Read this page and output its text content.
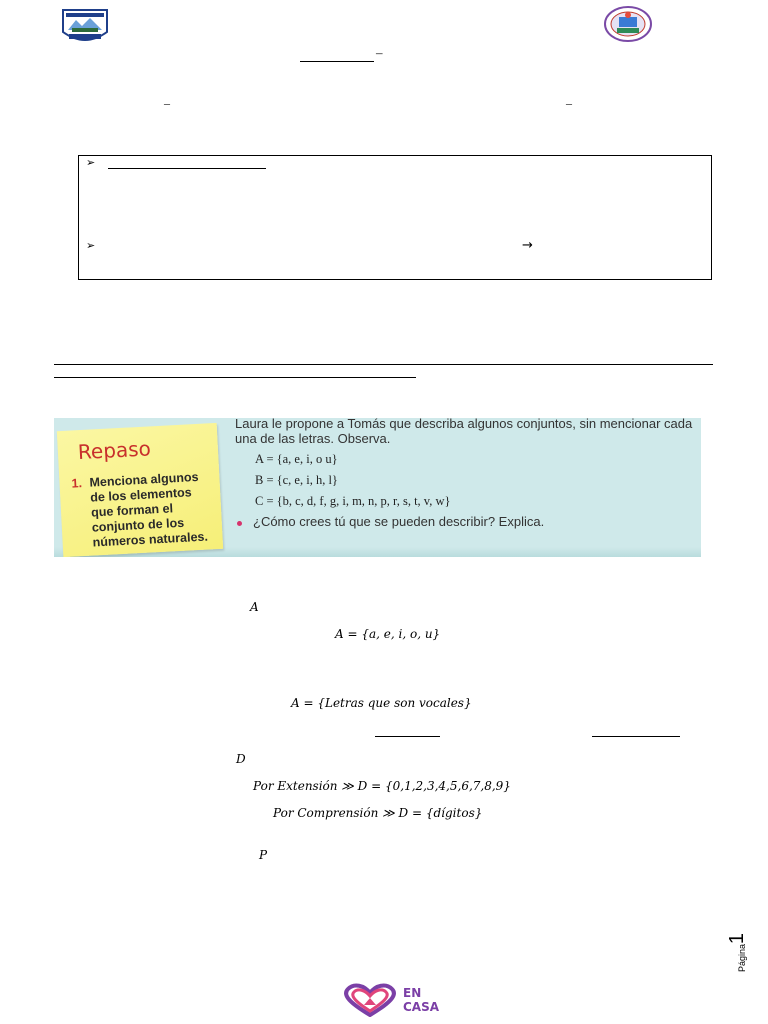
–
–	–
➢
➢	→
Repaso
1. Menciona algunos
de los elementos
que forman el
conjunto de los
números naturales.
Laura le propone a Tomás que describa algunos conjuntos, sin mencionar cada
una de las letras. Observa.
A = {a, e, i, o u}
B = {c, e, i, h, l}
C = {b, c, d, f, g, i, m, n, p, r, s, t, v, w}
¿Cómo crees tú que se pueden describir? Explica.
A
A = {a, e, i, o, u}
A = {Letras que son vocales}
D
Por Extensión ≫ D = {0,1,2,3,4,5,6,7,8,9}
Por Comprensión ≫ D = {dígitos}
P
Página
1
EN
CASA
